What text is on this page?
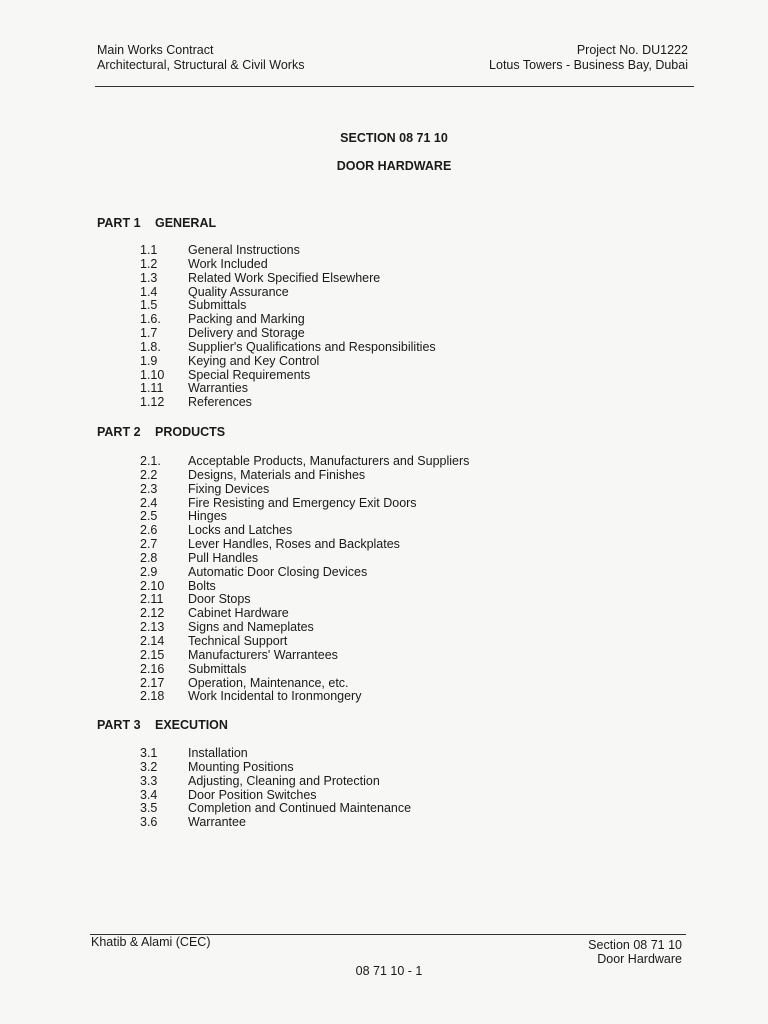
Main Works Contract
Architectural, Structural & Civil Works
Project No. DU1222
Lotus Towers - Business Bay, Dubai
SECTION 08 71 10
DOOR HARDWARE
PART 1 GENERAL
1.1	General Instructions
1.2	Work Included
1.3	Related Work Specified Elsewhere
1.4	Quality Assurance
1.5	Submittals
1.6.	Packing and Marking
1.7	Delivery and Storage
1.8.	Supplier's Qualifications and Responsibilities
1.9	Keying and Key Control
1.10	Special Requirements
1.11	Warranties
1.12	References
PART 2 PRODUCTS
2.1.	Acceptable Products, Manufacturers and Suppliers
2.2	Designs, Materials and Finishes
2.3	Fixing Devices
2.4	Fire Resisting and Emergency Exit Doors
2.5	Hinges
2.6	Locks and Latches
2.7	Lever Handles, Roses and Backplates
2.8	Pull Handles
2.9	Automatic Door Closing Devices
2.10	Bolts
2.11	Door Stops
2.12	Cabinet Hardware
2.13	Signs and Nameplates
2.14	Technical Support
2.15	Manufacturers' Warrantees
2.16	Submittals
2.17	Operation, Maintenance, etc.
2.18	Work Incidental to Ironmongery
PART 3 EXECUTION
3.1	Installation
3.2	Mounting Positions
3.3	Adjusting, Cleaning and Protection
3.4	Door Position Switches
3.5	Completion and Continued Maintenance
3.6	Warrantee
Khatib & Alami (CEC)	Section 08 71 10
Door Hardware
08 71 10 - 1
